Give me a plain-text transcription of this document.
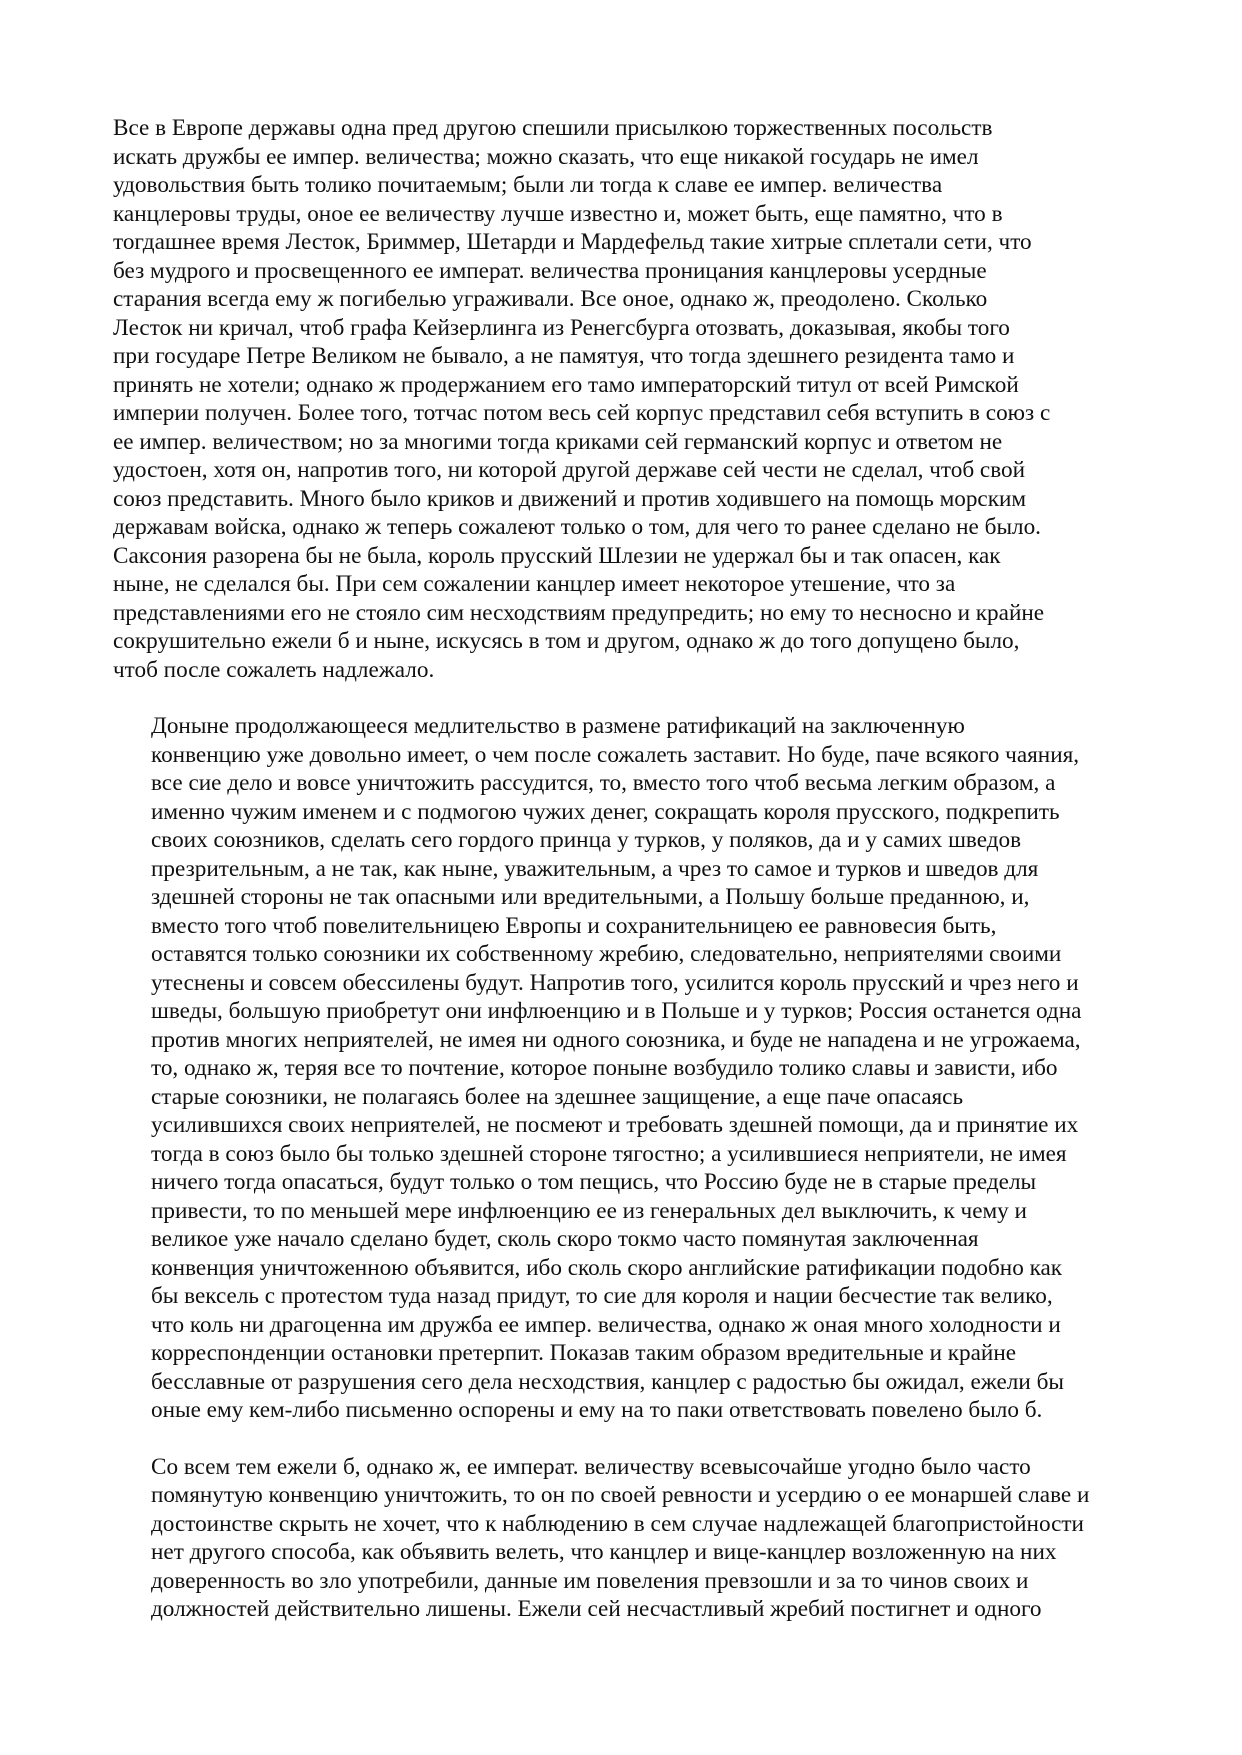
Все в Европе державы одна пред другою спешили присылкою торжественных посольств
искать дружбы ее импер. величества; можно сказать, что еще никакой государь не имел
удовольствия быть толико почитаемым; были ли тогда к славе ее импер. величества
канцлеровы труды, оное ее величеству лучше известно и, может быть, еще памятно, что в
тогдашнее время Лесток, Бриммер, Шетарди и Мардефельд такие хитрые сплетали сети, что
без мудрого и просвещенного ее императ. величества проницания канцлеровы усердные
старания всегда ему ж погибелью угрaживали. Все оное, однако ж, преодолено. Сколько
Лесток ни кричал, чтоб графа Кейзерлинга из Ренегсбурга отозвать, доказывая, якобы того
при государе Петре Великом не бывало, а не памятуя, что тогда здешнего резидента тамо и
принять не хотели; однако ж продержанием его тамо императорский титул от всей Римской
империи получен. Более того, тотчас потом весь сей корпус представил себя вступить в союз с
ее импер. величеством; но за многими тогда криками сей германский корпус и ответом не
удостоен, хотя он, напротив того, ни которой другой державе сей чести не сделал, чтоб свой
союз представить. Много было криков и движений и против ходившего на помощь морским
державам войска, однако ж теперь сожалеют только о том, для чего то ранее сделано не было.
Саксония разорена бы не была, король прусский Шлезии не удержал бы и так опасен, как
ныне, не сделался бы. При сем сожалении канцлер имеет некоторое утешение, что за
представлениями его не стояло сим несходствиям предупредить; но ему то несносно и крайне
сокрушительно ежели б и ныне, искусясь в том и другом, однако ж до того допущено было,
чтоб после сожалеть надлежало.

Доныне продолжающееся медлительство в размене ратификаций на заключенную
конвенцию уже довольно имеет, о чем после сожалеть заставит. Но буде, паче всякого чаяния,
все сие дело и вовсе уничтожить рассудится, то, вместо того чтоб весьма легким образом, а
именно чужим именем и с подмогою чужих денег, сокращать короля прусского, подкрепить
своих союзников, сделать сего гордого принца у турков, у поляков, да и у самих шведов
презрительным, а не так, как ныне, уважительным, а чрез то самое и турков и шведов для
здешней стороны не так опасными или вредительными, а Польшу больше преданною, и,
вместо того чтоб повелительницею Европы и сохранительницею ее равновесия быть,
оставятся только союзники их собственному жребию, следовательно, неприятелями своими
утеснены и совсем обессилены будут. Напротив того, усилится король прусский и чрез него и
шведы, большую приобретут они инфлюенцию и в Польше и у турков; Россия останется одна
против многих неприятелей, не имея ни одного союзника, и буде не нападена и не угрожаема,
то, однако ж, теряя все то почтение, которое поныне возбудило толико славы и зависти, ибо
старые союзники, не полагаясь более на здешнее защищение, а еще паче опасаясь
усилившихся своих неприятелей, не посмеют и требовать здешней помощи, да и принятие их
тогда в союз было бы только здешней стороне тягостно; а усилившиеся неприятели, не имея
ничего тогда опасаться, будут только о том пещись, что Россию буде не в старые пределы
привести, то по меньшей мере инфлюенцию ее из генеральных дел выключить, к чему и
великое уже начало сделано будет, сколь скоро токмо часто помянутая заключенная
конвенция уничтоженною объявится, ибо сколь скоро английские ратификации подобно как
бы вексель с протестом туда назад придут, то сие для короля и нации бесчестие так велико,
что коль ни драгоценна им дружба ее импер. величества, однако ж оная много холодности и
корреспонденции остановки претерпит. Показав таким образом вредительные и крайне
бесславные от разрушения сего дела несходствия, канцлер с радостью бы ожидал, ежели бы
оные ему кем-либо письменно оспорены и ему на то паки ответствовать повелено было б.

Со всем тем ежели б, однако ж, ее императ. величеству всевысочайше угодно было часто
помянутую конвенцию уничтожить, то он по своей ревности и усердию о ее монаршей славе и
достоинстве скрыть не хочет, что к наблюдению в сем случае надлежащей благопристойности
нет другого способа, как объявить велеть, что канцлер и вице-канцлер возложенную на них
доверенность во зло употребили, данные им повеления превзошли и за то чинов своих и
должностей действительно лишены. Ежели сей несчастливый жребий постигнет и одного
